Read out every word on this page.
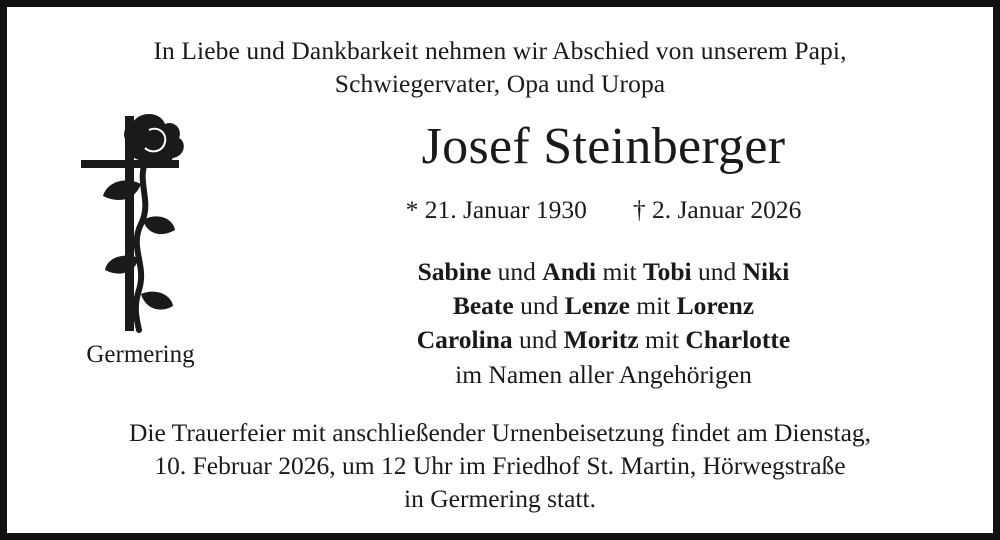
In Liebe und Dankbarkeit nehmen wir Abschied von unserem Papi,
Schwiegervater, Opa und Uropa
Germering
Josef Steinberger
* 21. Januar 1930 † 2. Januar 2026
Sabine und Andi mit Tobi und Niki
Beate und Lenze mit Lorenz
Carolina und Moritz mit Charlotte
im Namen aller Angehörigen
Die Trauerfeier mit anschließender Urnenbeisetzung findet am Dienstag,
10. Februar 2026, um 12 Uhr im Friedhof St. Martin, Hörwegstraße
in Germering statt.
